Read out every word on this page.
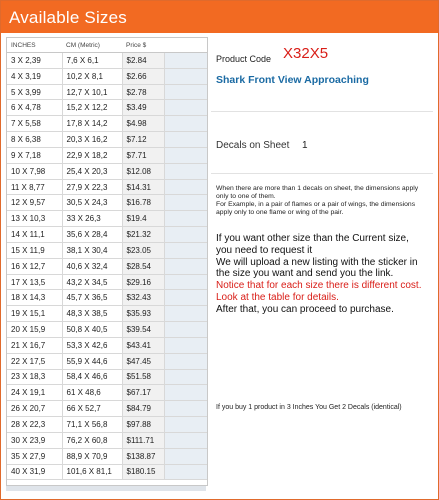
Available Sizes
INCHES	CM (Metric)	Price $	
3 X 2,39	7,6 X 6,1	$2.84	
4 X 3,19	10,2 X 8,1	$2.66	
5 X 3,99	12,7 X 10,1	$2.78	
6 X 4,78	15,2 X 12,2	$3.49	
7 X 5,58	17,8 X 14,2	$4.98	
8 X 6,38	20,3 X 16,2	$7.12	
9 X 7,18	22,9 X 18,2	$7.71	
10 X 7,98	25,4 X 20,3	$12.08	
11 X 8,77	27,9 X 22,3	$14.31	
12 X 9,57	30,5 X 24,3	$16.78	
13 X 10,3	33 X 26,3	$19.4	
14 X 11,1	35,6 X 28,4	$21.32	
15 X 11,9	38,1 X 30,4	$23.05	
16 X 12,7	40,6 X 32,4	$28.54	
17 X 13,5	43,2 X 34,5	$29.16	
18 X 14,3	45,7 X 36,5	$32.43	
19 X 15,1	48,3 X 38,5	$35.93	
20 X 15,9	50,8 X 40,5	$39.54	
21 X 16,7	53,3 X 42,6	$43.41	
22 X 17,5	55,9 X 44,6	$47.45	
23 X 18,3	58,4 X 46,6	$51.58	
24 X 19,1	61 X 48,6	$67.17	
26 X 20,7	66 X 52,7	$84.79	
28 X 22,3	71,1 X 56,8	$97.88	
30 X 23,9	76,2 X 60,8	$111.71	
35 X 27,9	88,9 X 70,9	$138.87	
40 X 31,9	101,6 X 81,1	$180.15	
Product Code X32X5
Shark Front View Approaching
Decals on Sheet 1
When there are more than 1 decals on sheet, the dimensions apply only to one of them.
For Example, in a pair of flames or a pair of wings, the dimensions apply only to one flame or wing of the pair.
If you want other size than the Current size,
you need to request it
We will upload a new listing with the sticker in
the size you want and send you the link.
Notice that for each size there is different cost.
Look at the table for details.
After that, you can proceed to purchase.
If you buy 1 product in 3 Inches You Get 2 Decals (identical)
